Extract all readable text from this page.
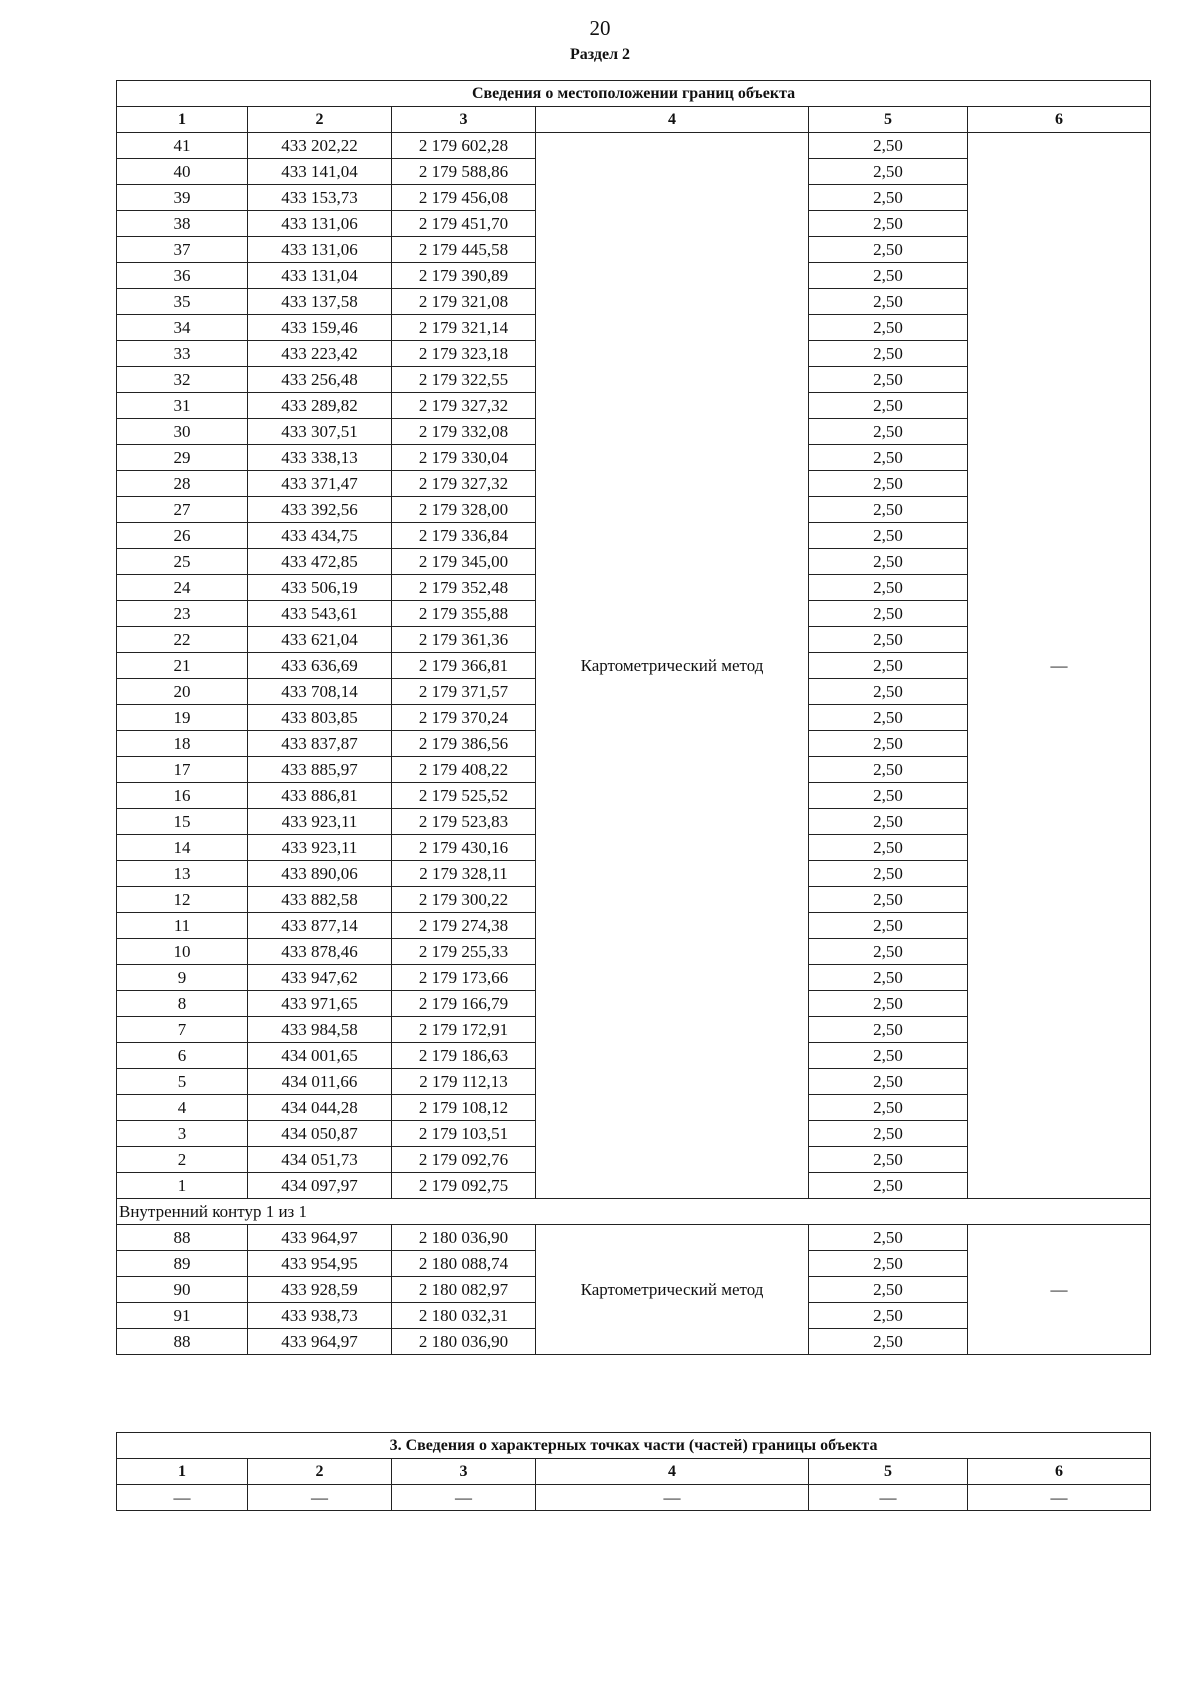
20
Раздел 2
Сведения о местоположении границ объекта					
1	2	3	4	5	6
41	433 202,22	2 179 602,28	Картометрический метод	2,50	—
40	433 141,04	2 179 588,86		2,50	
39	433 153,73	2 179 456,08		2,50	
38	433 131,06	2 179 451,70		2,50	
37	433 131,06	2 179 445,58		2,50	
36	433 131,04	2 179 390,89		2,50	
35	433 137,58	2 179 321,08		2,50	
34	433 159,46	2 179 321,14		2,50	
33	433 223,42	2 179 323,18		2,50	
32	433 256,48	2 179 322,55		2,50	
31	433 289,82	2 179 327,32		2,50	
30	433 307,51	2 179 332,08		2,50	
29	433 338,13	2 179 330,04		2,50	
28	433 371,47	2 179 327,32		2,50	
27	433 392,56	2 179 328,00		2,50	
26	433 434,75	2 179 336,84		2,50	
25	433 472,85	2 179 345,00		2,50	
24	433 506,19	2 179 352,48		2,50	
23	433 543,61	2 179 355,88		2,50	
22	433 621,04	2 179 361,36		2,50	
21	433 636,69	2 179 366,81		2,50	
20	433 708,14	2 179 371,57		2,50	
19	433 803,85	2 179 370,24		2,50	
18	433 837,87	2 179 386,56		2,50	
17	433 885,97	2 179 408,22		2,50	
16	433 886,81	2 179 525,52		2,50	
15	433 923,11	2 179 523,83		2,50	
14	433 923,11	2 179 430,16		2,50	
13	433 890,06	2 179 328,11		2,50	
12	433 882,58	2 179 300,22		2,50	
11	433 877,14	2 179 274,38		2,50	
10	433 878,46	2 179 255,33		2,50	
9	433 947,62	2 179 173,66		2,50	
8	433 971,65	2 179 166,79		2,50	
7	433 984,58	2 179 172,91		2,50	
6	434 001,65	2 179 186,63		2,50	
5	434 011,66	2 179 112,13		2,50	
4	434 044,28	2 179 108,12		2,50	
3	434 050,87	2 179 103,51		2,50	
2	434 051,73	2 179 092,76		2,50	
1	434 097,97	2 179 092,75		2,50	
Внутренний контур 1 из 1					
88	433 964,97	2 180 036,90	Картометрический метод	2,50	—
89	433 954,95	2 180 088,74		2,50	
90	433 928,59	2 180 082,97		2,50	
91	433 938,73	2 180 032,31		2,50	
88	433 964,97	2 180 036,90		2,50	
3. Сведения о характерных точках части (частей) границы объекта					
1	2	3	4	5	6
—	—	—	—	—	—
